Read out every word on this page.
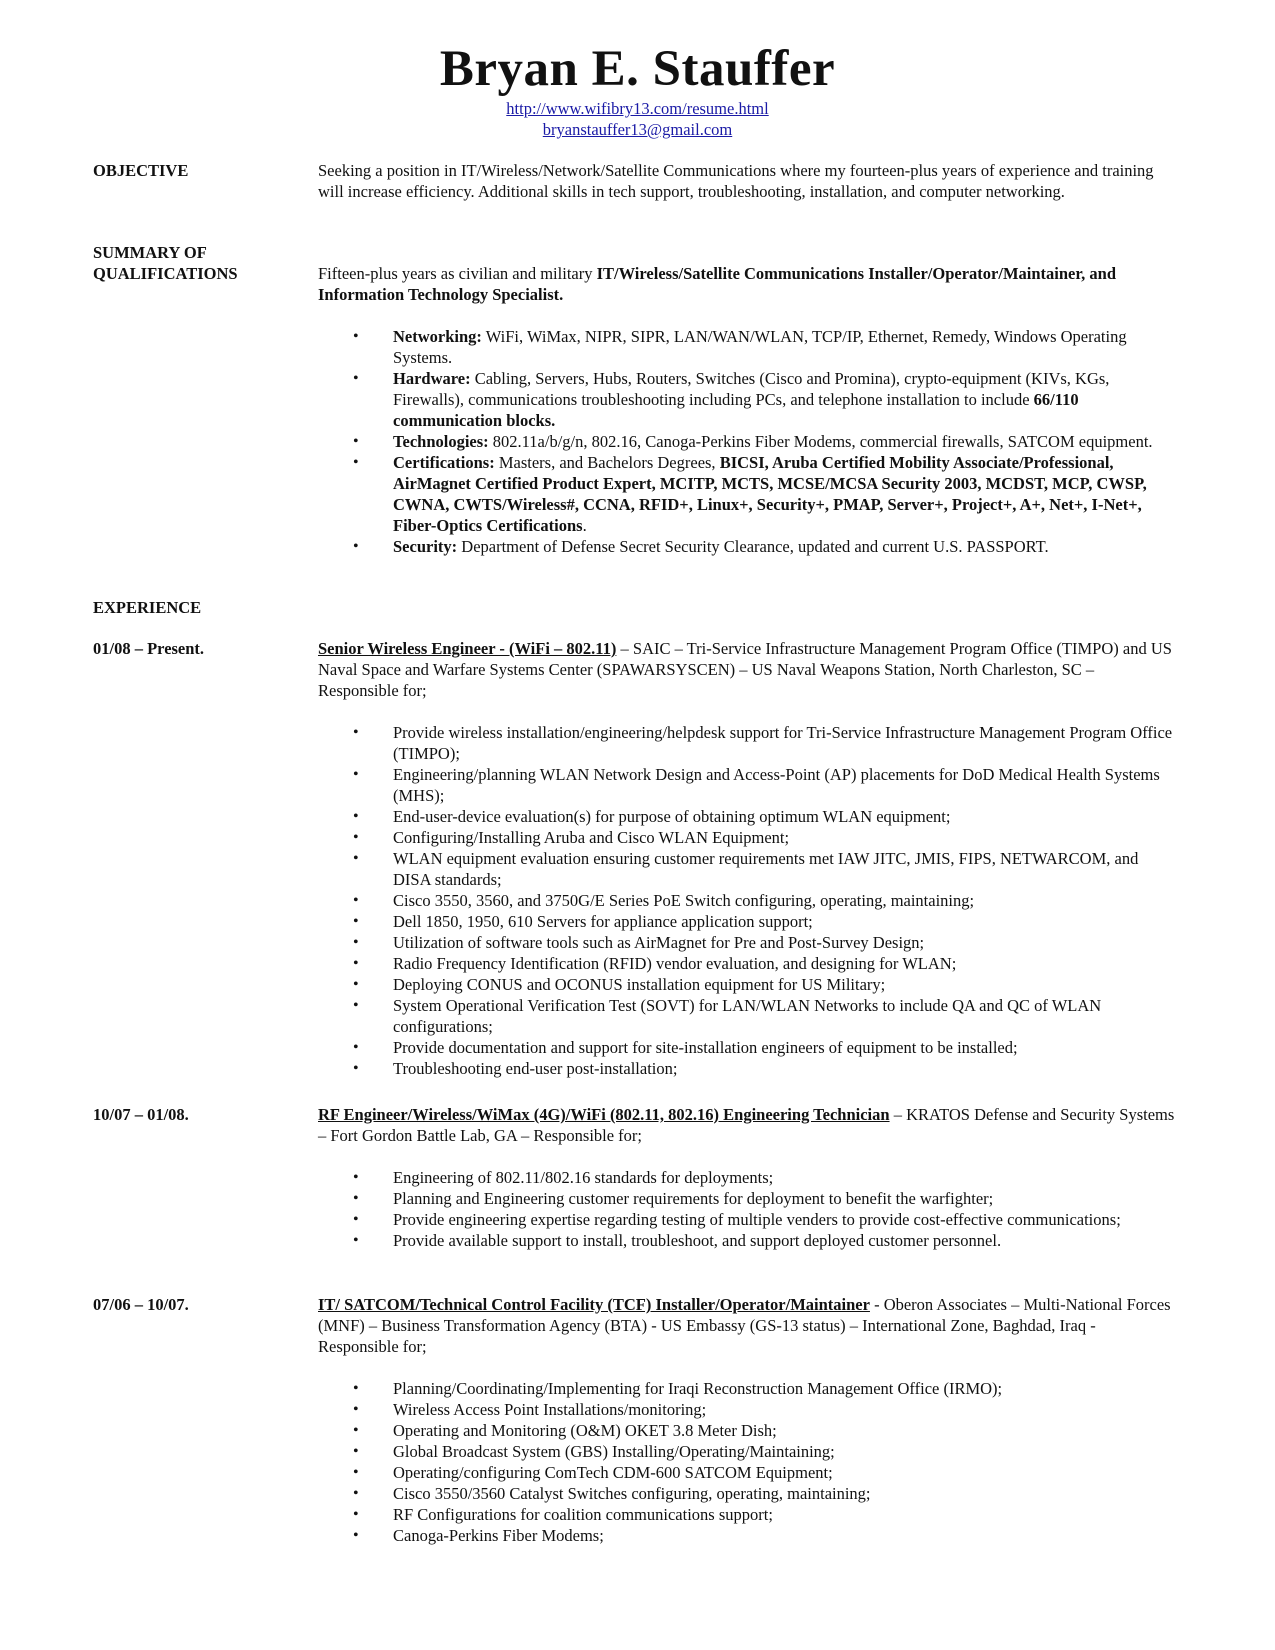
Bryan E. Stauffer
http://www.wifibry13.com/resume.html
bryanstauffer13@gmail.com
OBJECTIVE	Seeking a position in IT/Wireless/Network/Satellite Communications where my fourteen-plus years of experience and training will increase efficiency. Additional skills in tech support, troubleshooting, installation, and computer networking.

SUMMARY OF
QUALIFICATIONS	Fifteen-plus years as civilian and military IT/Wireless/Satellite Communications Installer/Operator/Maintainer, and Information Technology Specialist.

• Networking: WiFi, WiMax, NIPR, SIPR, LAN/WAN/WLAN, TCP/IP, Ethernet, Remedy, Windows Operating Systems.
• Hardware: Cabling, Servers, Hubs, Routers, Switches (Cisco and Promina), crypto-equipment (KIVs, KGs, Firewalls), communications troubleshooting including PCs, and telephone installation to include 66/110 communication blocks.
• Technologies: 802.11a/b/g/n, 802.16, Canoga-Perkins Fiber Modems, commercial firewalls, SATCOM equipment.
• Certifications: Masters, and Bachelors Degrees, BICSI, Aruba Certified Mobility Associate/Professional, AirMagnet Certified Product Expert, MCITP, MCTS, MCSE/MCSA Security 2003, MCDST, MCP, CWSP, CWNA, CWTS/Wireless#, CCNA, RFID+, Linux+, Security+, PMAP, Server+, Project+, A+, Net+, I-Net+, Fiber-Optics Certifications.
• Security: Department of Defense Secret Security Clearance, updated and current U.S. PASSPORT.
EXPERIENCE
01/08 – Present.	Senior Wireless Engineer - (WiFi – 802.11) – SAIC – Tri-Service Infrastructure Management Program Office (TIMPO) and US Naval Space and Warfare Systems Center (SPAWARSYSCEN) – US Naval Weapons Station, North Charleston, SC – Responsible for;

• Provide wireless installation/engineering/helpdesk support for Tri-Service Infrastructure Management Program Office (TIMPO);
• Engineering/planning WLAN Network Design and Access-Point (AP) placements for DoD Medical Health Systems (MHS);
• End-user-device evaluation(s) for purpose of obtaining optimum WLAN equipment;
• Configuring/Installing Aruba and Cisco WLAN Equipment;
• WLAN equipment evaluation ensuring customer requirements met IAW JITC, JMIS, FIPS, NETWARCOM, and DISA standards;
• Cisco 3550, 3560, and 3750G/E Series PoE Switch configuring, operating, maintaining;
• Dell 1850, 1950, 610 Servers for appliance application support;
• Utilization of software tools such as AirMagnet for Pre and Post-Survey Design;
• Radio Frequency Identification (RFID) vendor evaluation, and designing for WLAN;
• Deploying CONUS and OCONUS installation equipment for US Military;
• System Operational Verification Test (SOVT) for LAN/WLAN Networks to include QA and QC of WLAN configurations;
• Provide documentation and support for site-installation engineers of equipment to be installed;
• Troubleshooting end-user post-installation;
10/07 – 01/08.	RF Engineer/Wireless/WiMax (4G)/WiFi (802.11, 802.16) Engineering Technician – KRATOS Defense and Security Systems – Fort Gordon Battle Lab, GA – Responsible for;

• Engineering of 802.11/802.16 standards for deployments;
• Planning and Engineering customer requirements for deployment to benefit the warfighter;
• Provide engineering expertise regarding testing of multiple venders to provide cost-effective communications;
• Provide available support to install, troubleshoot, and support deployed customer personnel.
07/06 – 10/07.	IT/ SATCOM/Technical Control Facility (TCF) Installer/Operator/Maintainer - Oberon Associates – Multi-National Forces (MNF) – Business Transformation Agency (BTA) - US Embassy (GS-13 status) – International Zone, Baghdad, Iraq - Responsible for;

• Planning/Coordinating/Implementing for Iraqi Reconstruction Management Office (IRMO);
• Wireless Access Point Installations/monitoring;
• Operating and Monitoring (O&M) OKET 3.8 Meter Dish;
• Global Broadcast System (GBS) Installing/Operating/Maintaining;
• Operating/configuring ComTech CDM-600 SATCOM Equipment;
• Cisco 3550/3560 Catalyst Switches configuring, operating, maintaining;
• RF Configurations for coalition communications support;
• Canoga-Perkins Fiber Modems;
